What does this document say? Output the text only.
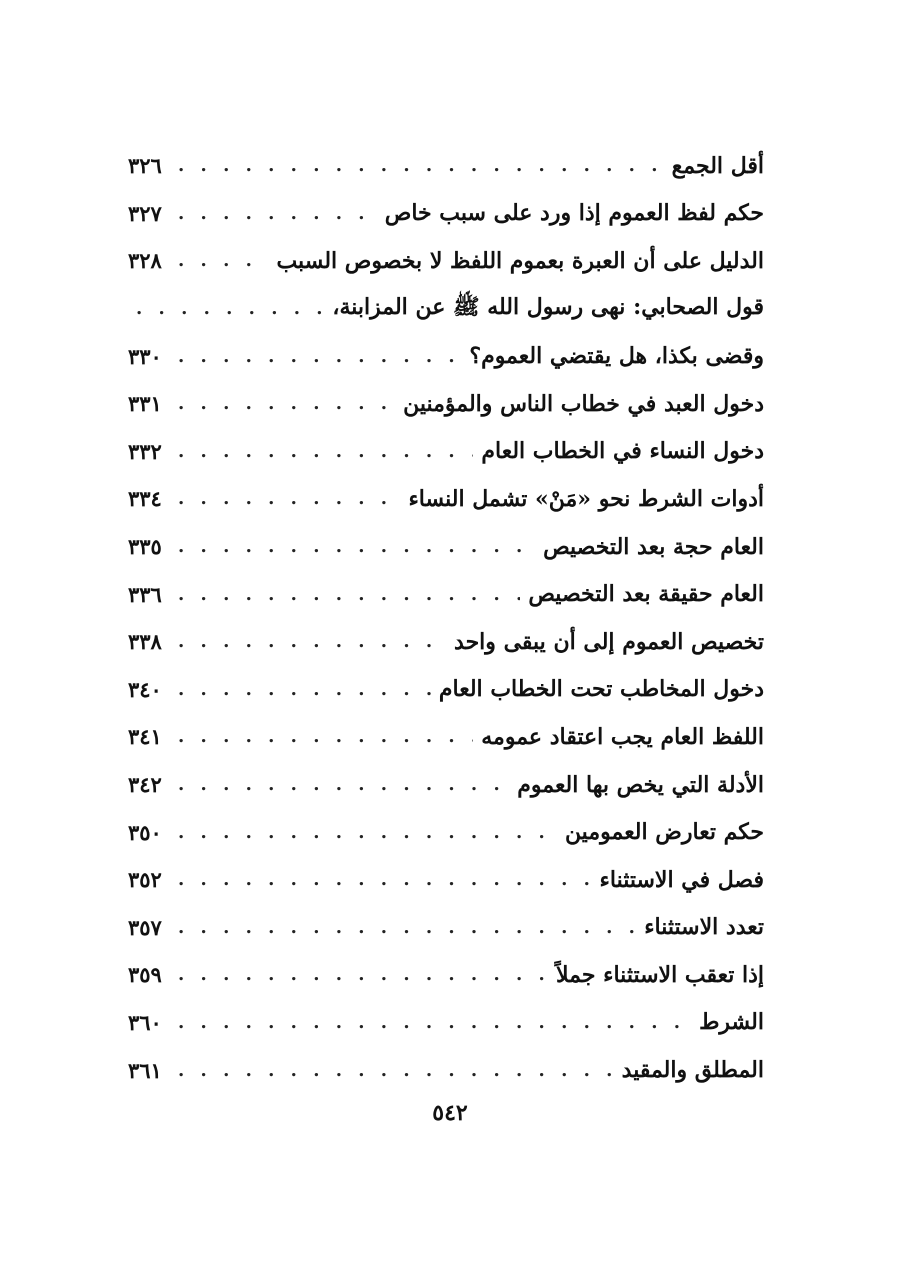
أقل الجمع
. . .
٣٢٦
حكم لفظ العموم إذا ورد على سبب خاص
. . .
٣٢٧
الدليل على أن العبرة بعموم اللفظ لا بخصوص السبب
. . .
٣٢٨
قول الصحابي: نهى رسول الله ﷺ عن المزابنة،
. . .
وقضى بكذا، هل يقتضي العموم؟
. . .
٣٣٠
دخول العبد في خطاب الناس والمؤمنين
. . .
٣٣١
دخول النساء في الخطاب العام
. . .
٣٣٢
أدوات الشرط نحو «مَنْ» تشمل النساء
. . .
٣٣٤
العام حجة بعد التخصيص
. . .
٣٣٥
العام حقيقة بعد التخصيص
. . .
٣٣٦
تخصيص العموم إلى أن يبقى واحد
. . .
٣٣٨
دخول المخاطب تحت الخطاب العام
. . .
٣٤٠
اللفظ العام يجب اعتقاد عمومه
. . .
٣٤١
الأدلة التي يخص بها العموم
. . .
٣٤٢
حكم تعارض العمومين
. . .
٣٥٠
فصل في الاستثناء
. . .
٣٥٢
تعدد الاستثناء
. . .
٣٥٧
إذا تعقب الاستثناء جملاً
. . .
٣٥٩
الشرط
. . .
٣٦٠
المطلق والمقيد
. . .
٣٦١
٥٤٢
